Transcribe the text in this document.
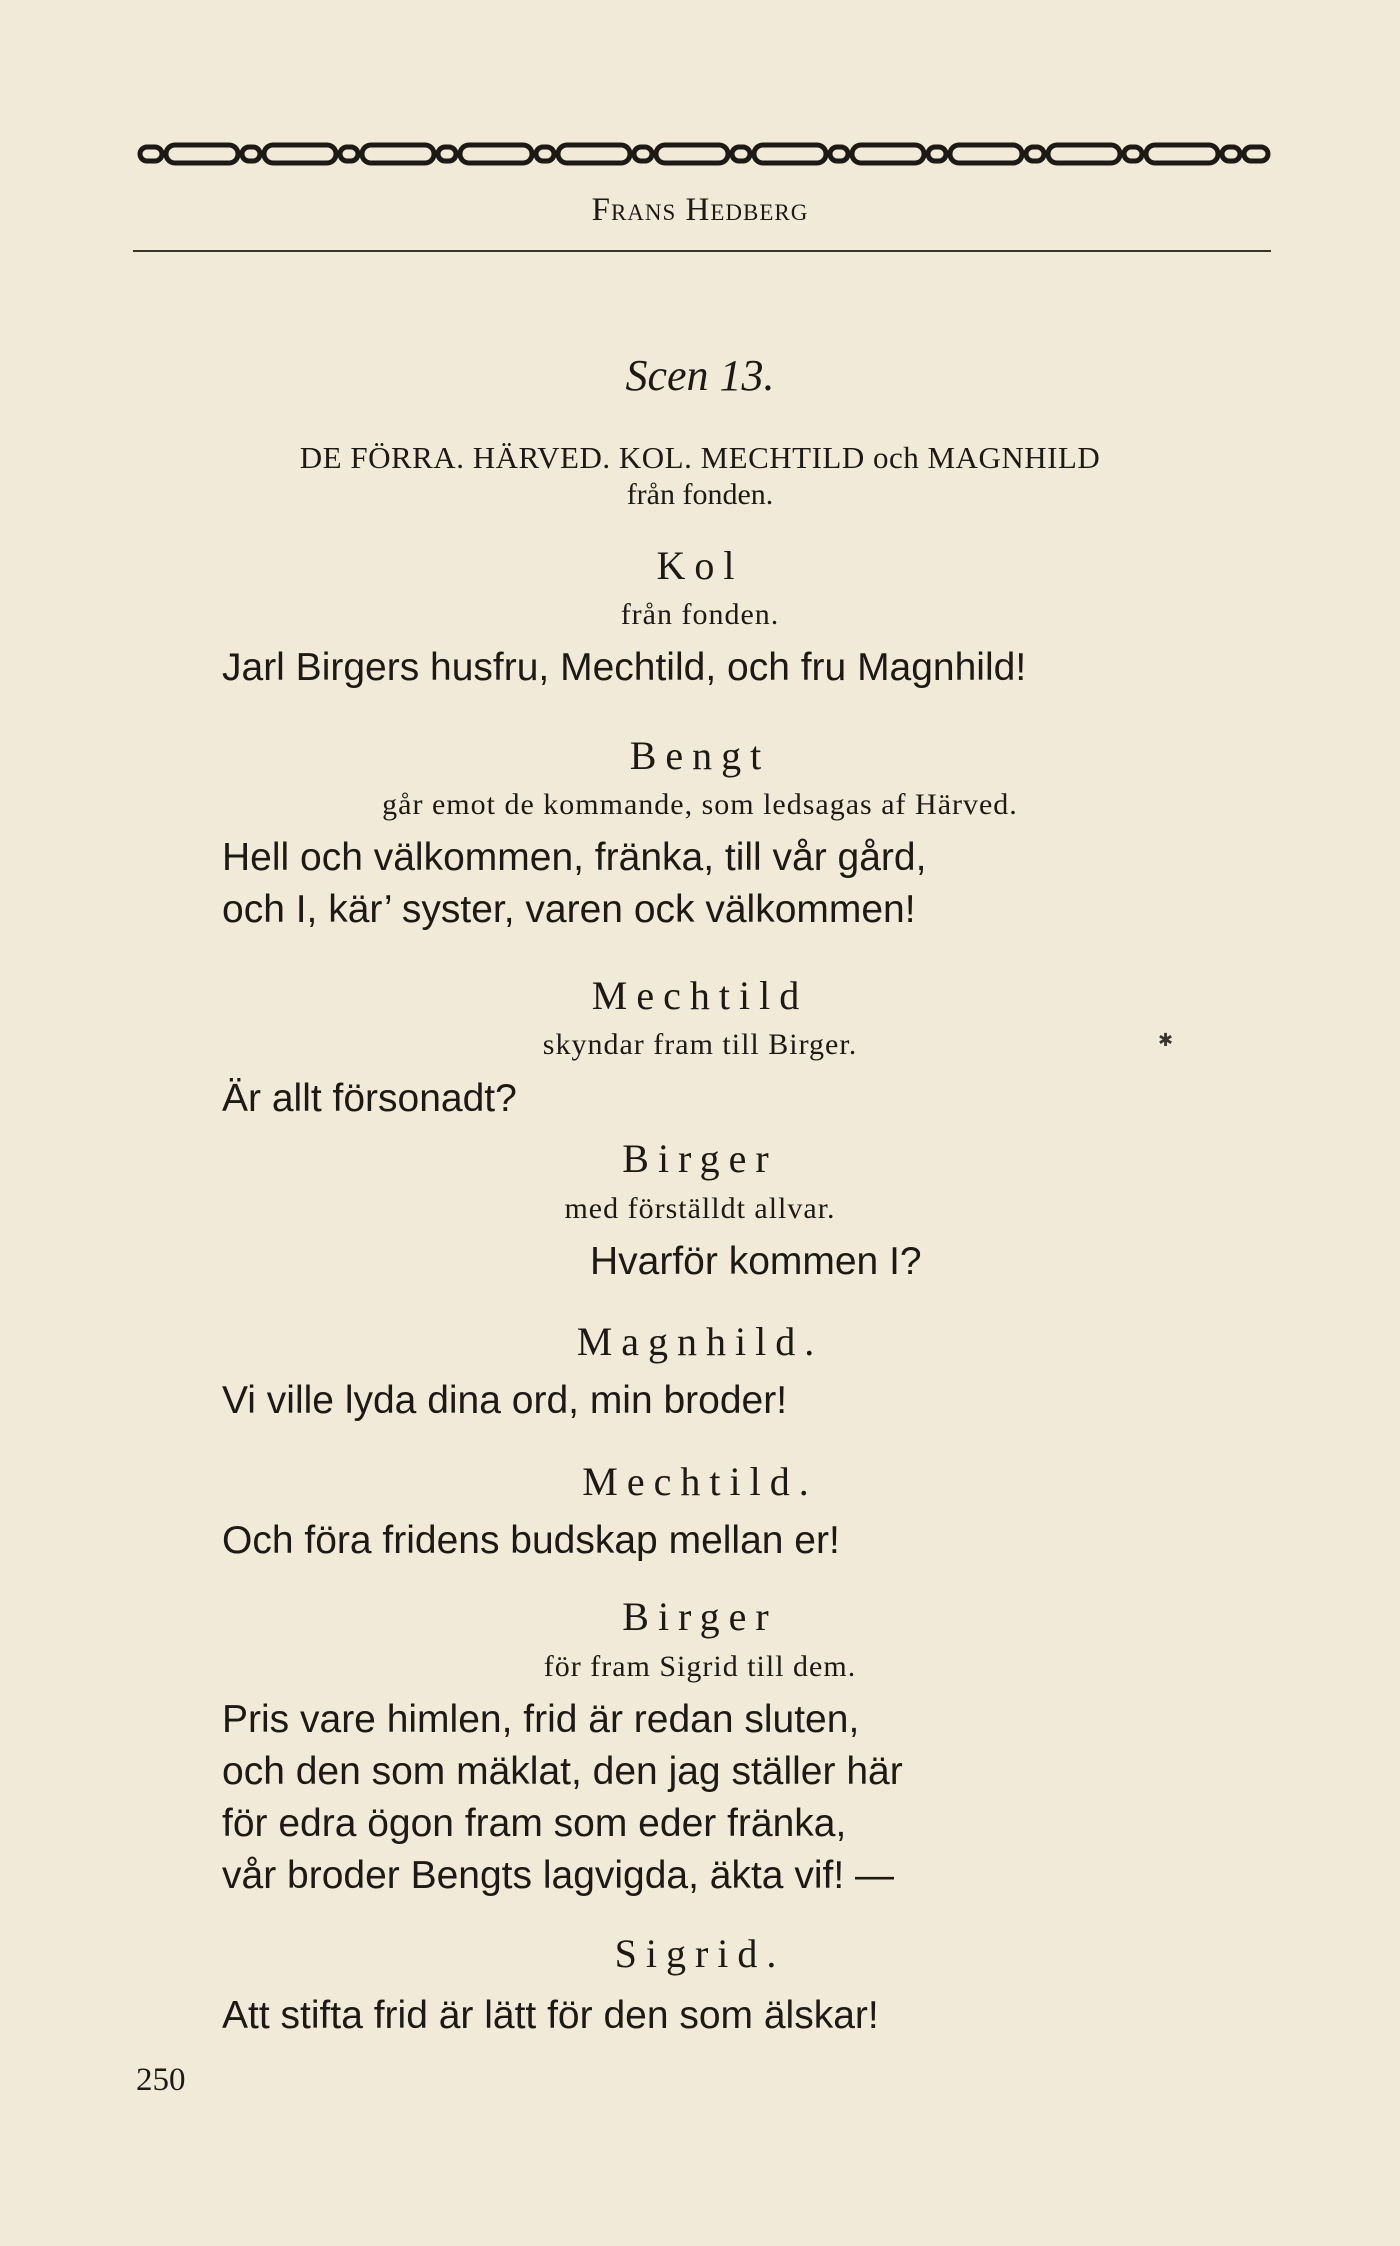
Frans Hedberg
Scen 13.
DE FÖRRA. HÄRVED. KOL. MECHTILD och MAGNHILD
från fonden.
Kol
från fonden.
Jarl Birgers husfru, Mechtild, och fru Magnhild!
Bengt
går emot de kommande, som ledsagas af Härved.
Hell och välkommen, fränka, till vår gård,
och I, kär’ syster, varen ock välkommen!
Mechtild
skyndar fram till Birger.	✱
Är allt försonadt?
Birger
med förställdt allvar.
Hvarför kommen I?
Magnhild.
Vi ville lyda dina ord, min broder!
Mechtild.
Och föra fridens budskap mellan er!
Birger
för fram Sigrid till dem.
Pris vare himlen, frid är redan sluten,
och den som mäklat, den jag ställer här
för edra ögon fram som eder fränka,
vår broder Bengts lagvigda, äkta vif! —
Sigrid.
Att stifta frid är lätt för den som älskar!
250
